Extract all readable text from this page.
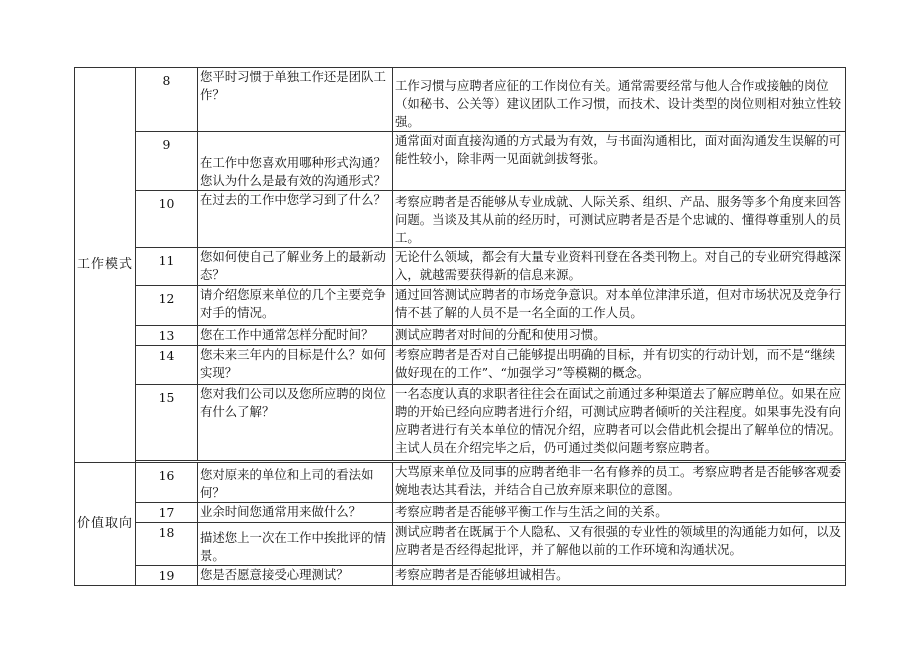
工作模式	8	您平时习惯于单独工作还是团队工作？	工作习惯与应聘者应征的工作岗位有关。通常需要经常与他人合作或接触的岗位（如秘书、公关等）建议团队工作习惯，而技术、设计类型的岗位则相对独立性较强。
	9	在工作中您喜欢用哪种形式沟通？您认为什么是最有效的沟通形式？	通常面对面直接沟通的方式最为有效，与书面沟通相比，面对面沟通发生误解的可能性较小，除非两一见面就剑拔弩张。
	10	在过去的工作中您学习到了什么？	考察应聘者是否能够从专业成就、人际关系、组织、产品、服务等多个角度来回答问题。当谈及其从前的经历时，可测试应聘者是否是个忠诚的、懂得尊重别人的员工。
	11	您如何使自己了解业务上的最新动态？	无论什么领域，都会有大量专业资料刊登在各类刊物上。对自己的专业研究得越深入，就越需要获得新的信息来源。
	12	请介绍您原来单位的几个主要竞争对手的情况。	通过回答测试应聘者的市场竞争意识。对本单位津津乐道，但对市场状况及竞争行情不甚了解的人员不是一名全面的工作人员。
	13	您在工作中通常怎样分配时间？	测试应聘者对时间的分配和使用习惯。
	14	您未来三年内的目标是什么？如何实现？	考察应聘者是否对自己能够提出明确的目标，并有切实的行动计划，而不是“继续做好现在的工作”、“加强学习”等模糊的概念。
	15	您对我们公司以及您所应聘的岗位有什么了解？	一名态度认真的求职者往往会在面试之前通过多种渠道去了解应聘单位。如果在应聘的开始已经向应聘者进行介绍，可测试应聘者倾听的关注程度。如果事先没有向应聘者进行有关本单位的情况介绍，应聘者可以会借此机会提出了解单位的情况。主试人员在介绍完毕之后，仍可通过类似问题考察应聘者。

价值取向	16	您对原来的单位和上司的看法如何？	大骂原来单位及同事的应聘者绝非一名有修养的员工。考察应聘者是否能够客观委婉地表达其看法，并结合自己放弃原来职位的意图。
	17	业余时间您通常用来做什么？	考察应聘者是否能够平衡工作与生活之间的关系。
	18	描述您上一次在工作中挨批评的情景。	测试应聘者在既属于个人隐私、又有很强的专业性的领域里的沟通能力如何，以及应聘者是否经得起批评，并了解他以前的工作环境和沟通状况。
	19	您是否愿意接受心理测试？	考察应聘者是否能够坦诚相告。
